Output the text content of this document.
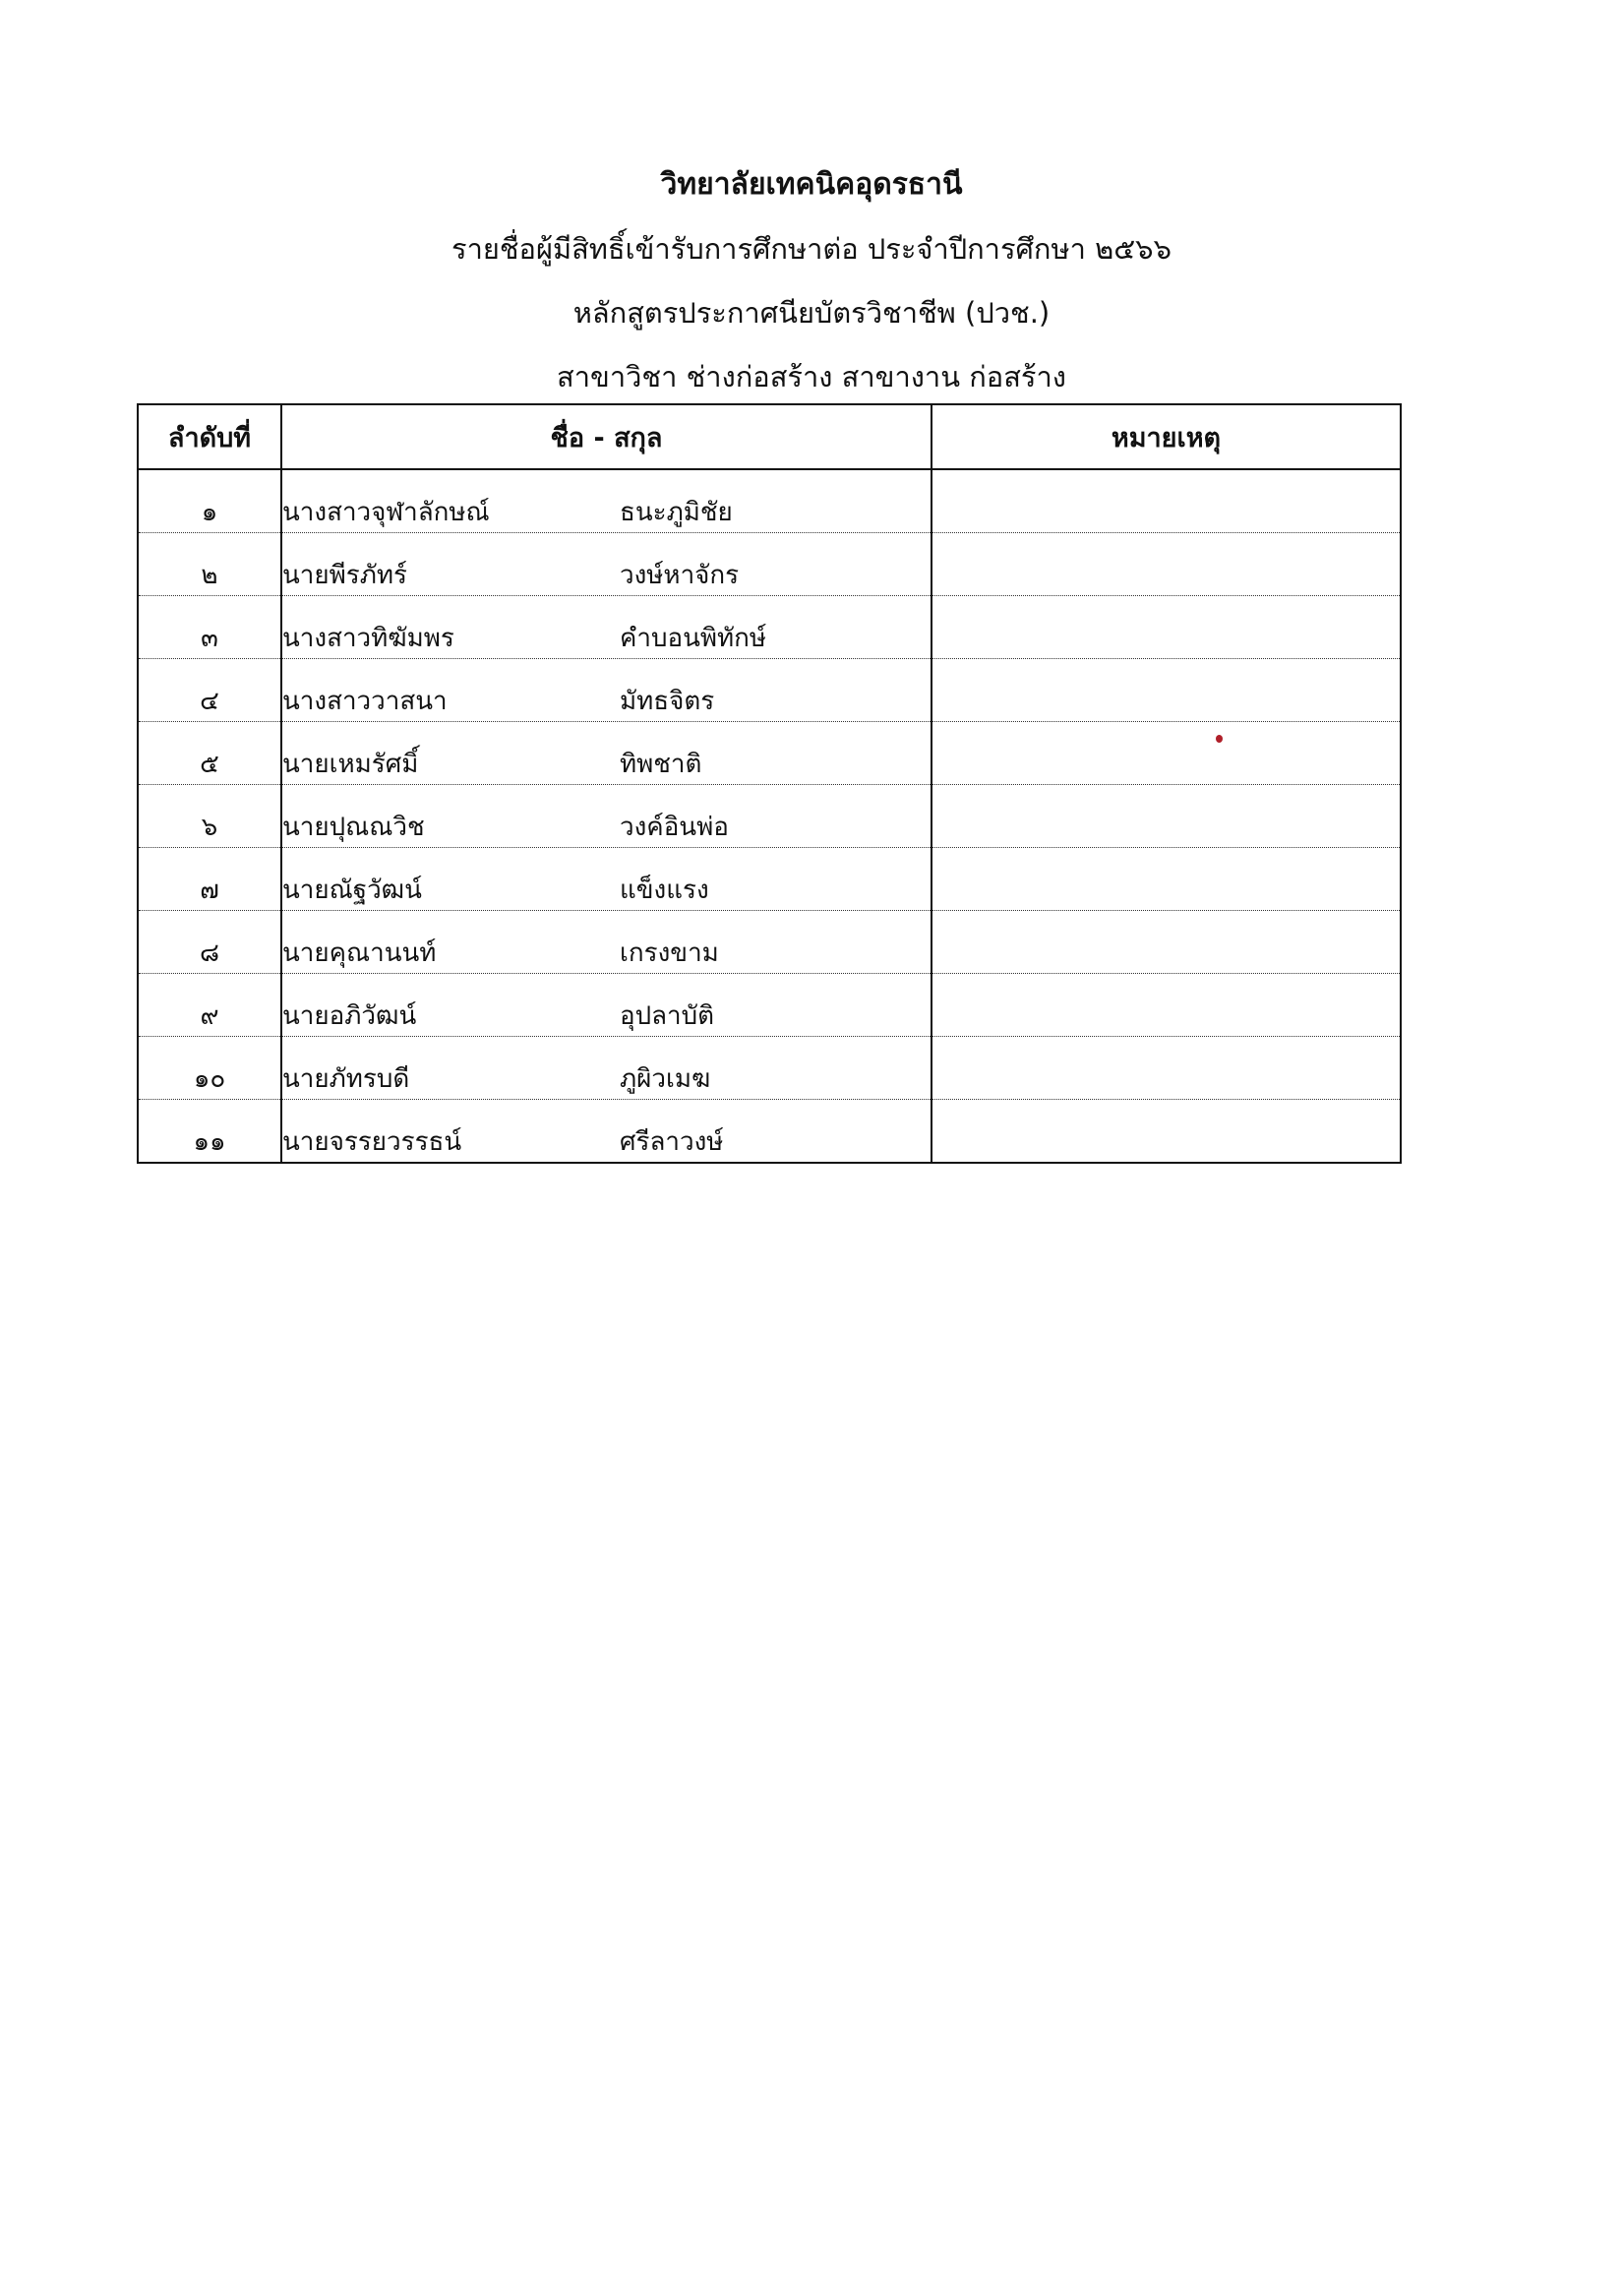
วิทยาลัยเทคนิคอุดรธานี
รายชื่อผู้มีสิทธิ์เข้ารับการศึกษาต่อ ประจำปีการศึกษา ๒๕๖๖
หลักสูตรประกาศนียบัตรวิชาชีพ (ปวช.)
สาขาวิชา ช่างก่อสร้าง สาขางาน ก่อสร้าง
ลำดับที่	ชื่อ - สกุล	หมายเหตุ
๑	นางสาวจุฬาลักษณ์ ธนะภูมิชัย	
๒	นายพีรภัทร์ วงษ์หาจักร	
๓	นางสาวทิฆัมพร คำบอนพิทักษ์	
๔	นางสาววาสนา มัทธจิตร	
๕	นายเหมรัศมิ์ ทิพชาติ	
๖	นายปุณณวิช วงค์อินพ่อ	
๗	นายณัฐวัฒน์ แข็งแรง	
๘	นายคุณานนท์ เกรงขาม	
๙	นายอภิวัฒน์ อุปลาบัติ	
๑๐	นายภัทรบดี ภูผิวเมฆ	
๑๑	นายจรรยวรรธน์ ศรีลาวงษ์	
